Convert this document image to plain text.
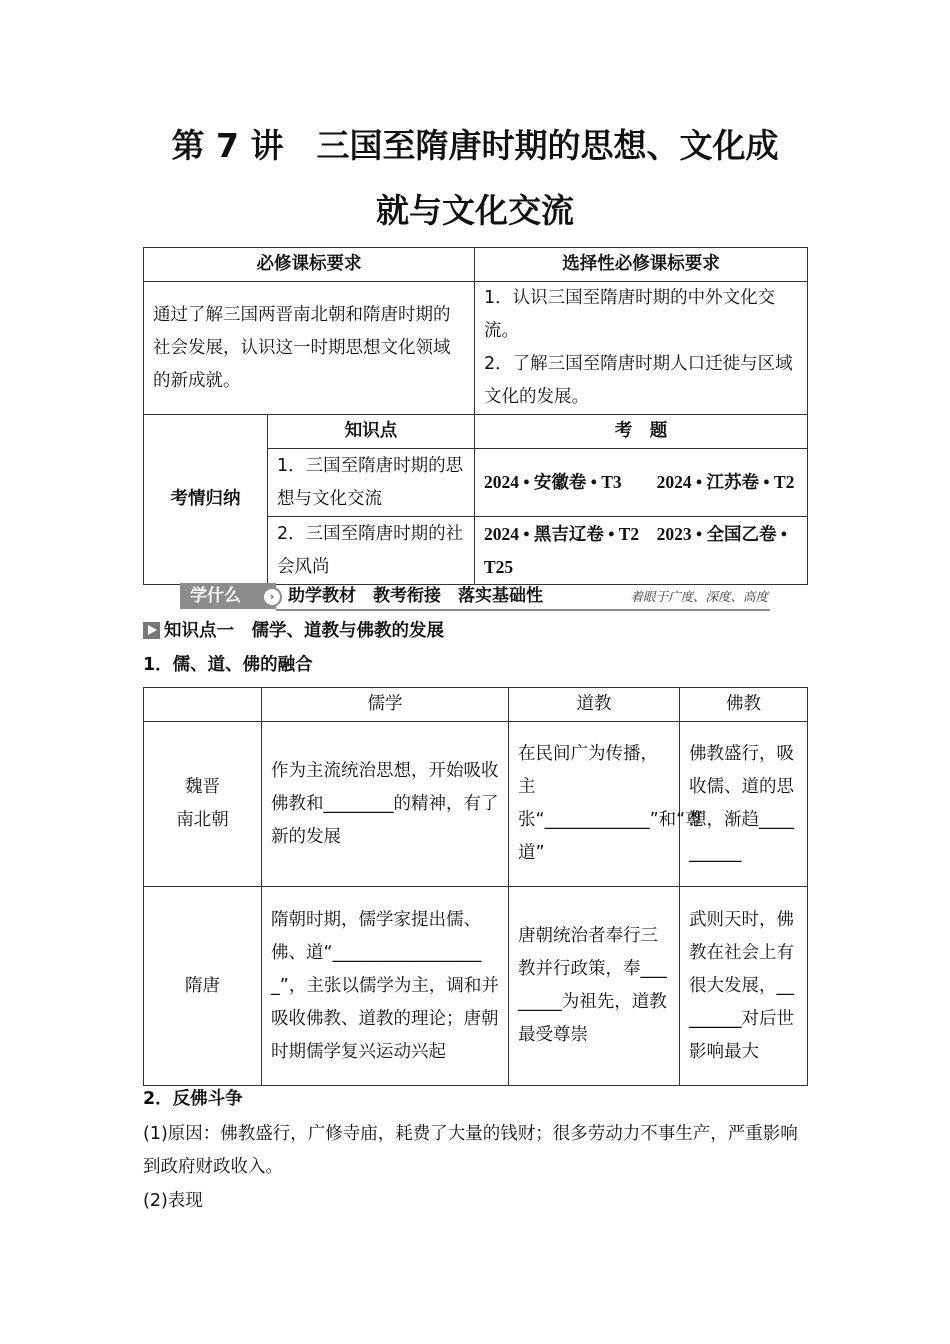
第 7 讲　三国至隋唐时期的思想、文化成
就与文化交流
必修课标要求		选择性必修课标要求
通过了解三国两晋南北朝和隋唐时期的社会发展，认识这一时期思想文化领域的新成就。		1．认识三国至隋唐时期的中外文化交流。
2．了解三国至隋唐时期人口迁徙与区域文化的发展。

考情归纳	知识点	考　题
	1．三国至隋唐时期的思想与文化交流	2024 • 安徽卷 • T3　　2024 • 江苏卷 • T2
	2．三国至隋唐时期的社会风尚	2024 • 黑吉辽卷 • T2　2023 • 全国乙卷 • T25
学什么	› 助学教材　教考衔接　落实基础性	着眼于广度、深度、高度
知识点一　儒学、道教与佛教的发展
1．儒、道、佛的融合
	儒学	道教	佛教
魏晋
南北朝	作为主流统治思想，开始吸收佛教和________的精神，有了新的发展	在民间广为传播，主张“____________”和“尊道”	佛教盛行，吸收儒、道的思想，渐趋__________
隋唐	隋朝时期，儒学家提出儒、佛、道“__________________”，主张以儒学为主，调和并吸收佛教、道教的理论；唐朝时期儒学复兴运动兴起	唐朝统治者奉行三教并行政策，奉________为祖先，道教最受尊崇	武则天时，佛教在社会上有很大发展，________对后世影响最大
2．反佛斗争
(1)原因：佛教盛行，广修寺庙，耗费了大量的钱财；很多劳动力不事生产，严重影响到政府财政收入。
(2)表现
